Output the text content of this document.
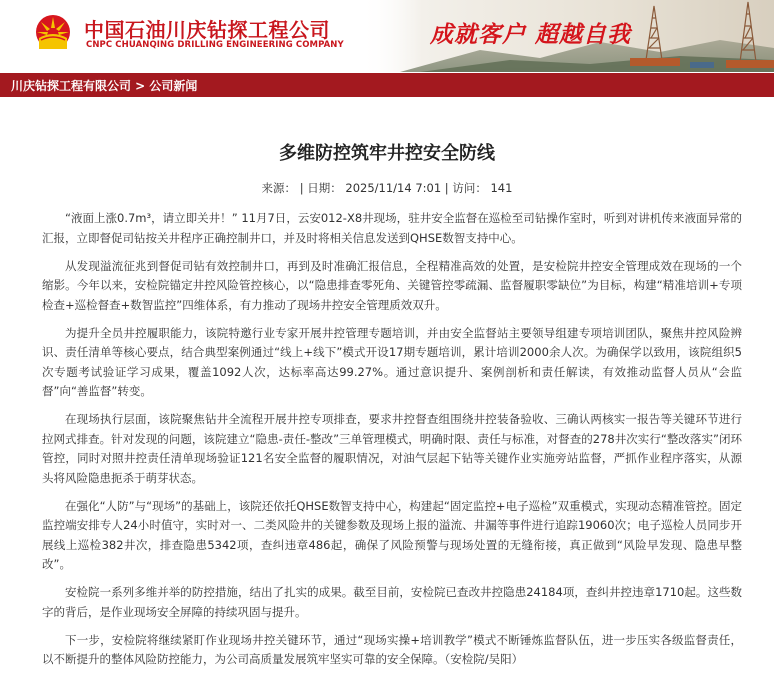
中国石油川庆钻探工程公司
CNPC CHUANQING DRILLING ENGINEERING COMPANY	成就客户 超越自我
川庆钻探工程有限公司 > 公司新闻
多维防控筑牢井控安全防线
来源： | 日期： 2025/11/14 7:01 | 访问： 141

“液面上涨0.7m³，请立即关井！” 11月7日，云安012-X8井现场，驻井安全监督在巡检至司钻操作室时，听到对讲机传来液面异常的汇报，立即督促司钻按关井程序正确控制井口，并及时将相关信息发送到QHSE数智支持中心。

从发现溢流征兆到督促司钻有效控制井口，再到及时准确汇报信息，全程精准高效的处置，是安检院井控安全管理成效在现场的一个缩影。今年以来，安检院锚定井控风险管控核心，以“隐患排查零死角、关键管控零疏漏、监督履职零缺位”为目标，构建“精准培训+专项检查+巡检督查+数智监控”四维体系，有力推动了现场井控安全管理质效双升。

为提升全员井控履职能力，该院特邀行业专家开展井控管理专题培训，并由安全监督站主要领导组建专项培训团队，聚焦井控风险辨识、责任清单等核心要点，结合典型案例通过“线上+线下”模式开设17期专题培训，累计培训2000余人次。为确保学以致用，该院组织5次专题考试验证学习成果，覆盖1092人次，达标率高达99.27%。通过意识提升、案例剖析和责任解读，有效推动监督人员从“会监督”向“善监督”转变。

在现场执行层面，该院聚焦钻井全流程开展井控专项排查，要求井控督查组围绕井控装备验收、三确认两核实一报告等关键环节进行拉网式排查。针对发现的问题，该院建立“隐患-责任-整改”三单管理模式，明确时限、责任与标准，对督查的278井次实行“整改落实”闭环管控，同时对照井控责任清单现场验证121名安全监督的履职情况，对油气层起下钻等关键作业实施旁站监督，严抓作业程序落实，从源头将风险隐患扼杀于萌芽状态。

在强化“人防”与“现场”的基础上，该院还依托QHSE数智支持中心，构建起“固定监控+电子巡检”双重模式，实现动态精准管控。固定监控端安排专人24小时值守，实时对一、二类风险井的关键参数及现场上报的溢流、井漏等事件进行追踪19060次；电子巡检人员同步开展线上巡检382井次，排查隐患5342项，查纠违章486起，确保了风险预警与现场处置的无缝衔接，真正做到“风险早发现、隐患早整改”。

安检院一系列多维并举的防控措施，结出了扎实的成果。截至目前，安检院已查改井控隐患24184项，查纠井控违章1710起。这些数字的背后，是作业现场安全屏障的持续巩固与提升。

下一步，安检院将继续紧盯作业现场井控关键环节，通过“现场实操+培训教学”模式不断锤炼监督队伍，进一步压实各级监督责任，以不断提升的整体风险防控能力，为公司高质量发展筑牢坚实可靠的安全保障。（安检院/吴阳）
